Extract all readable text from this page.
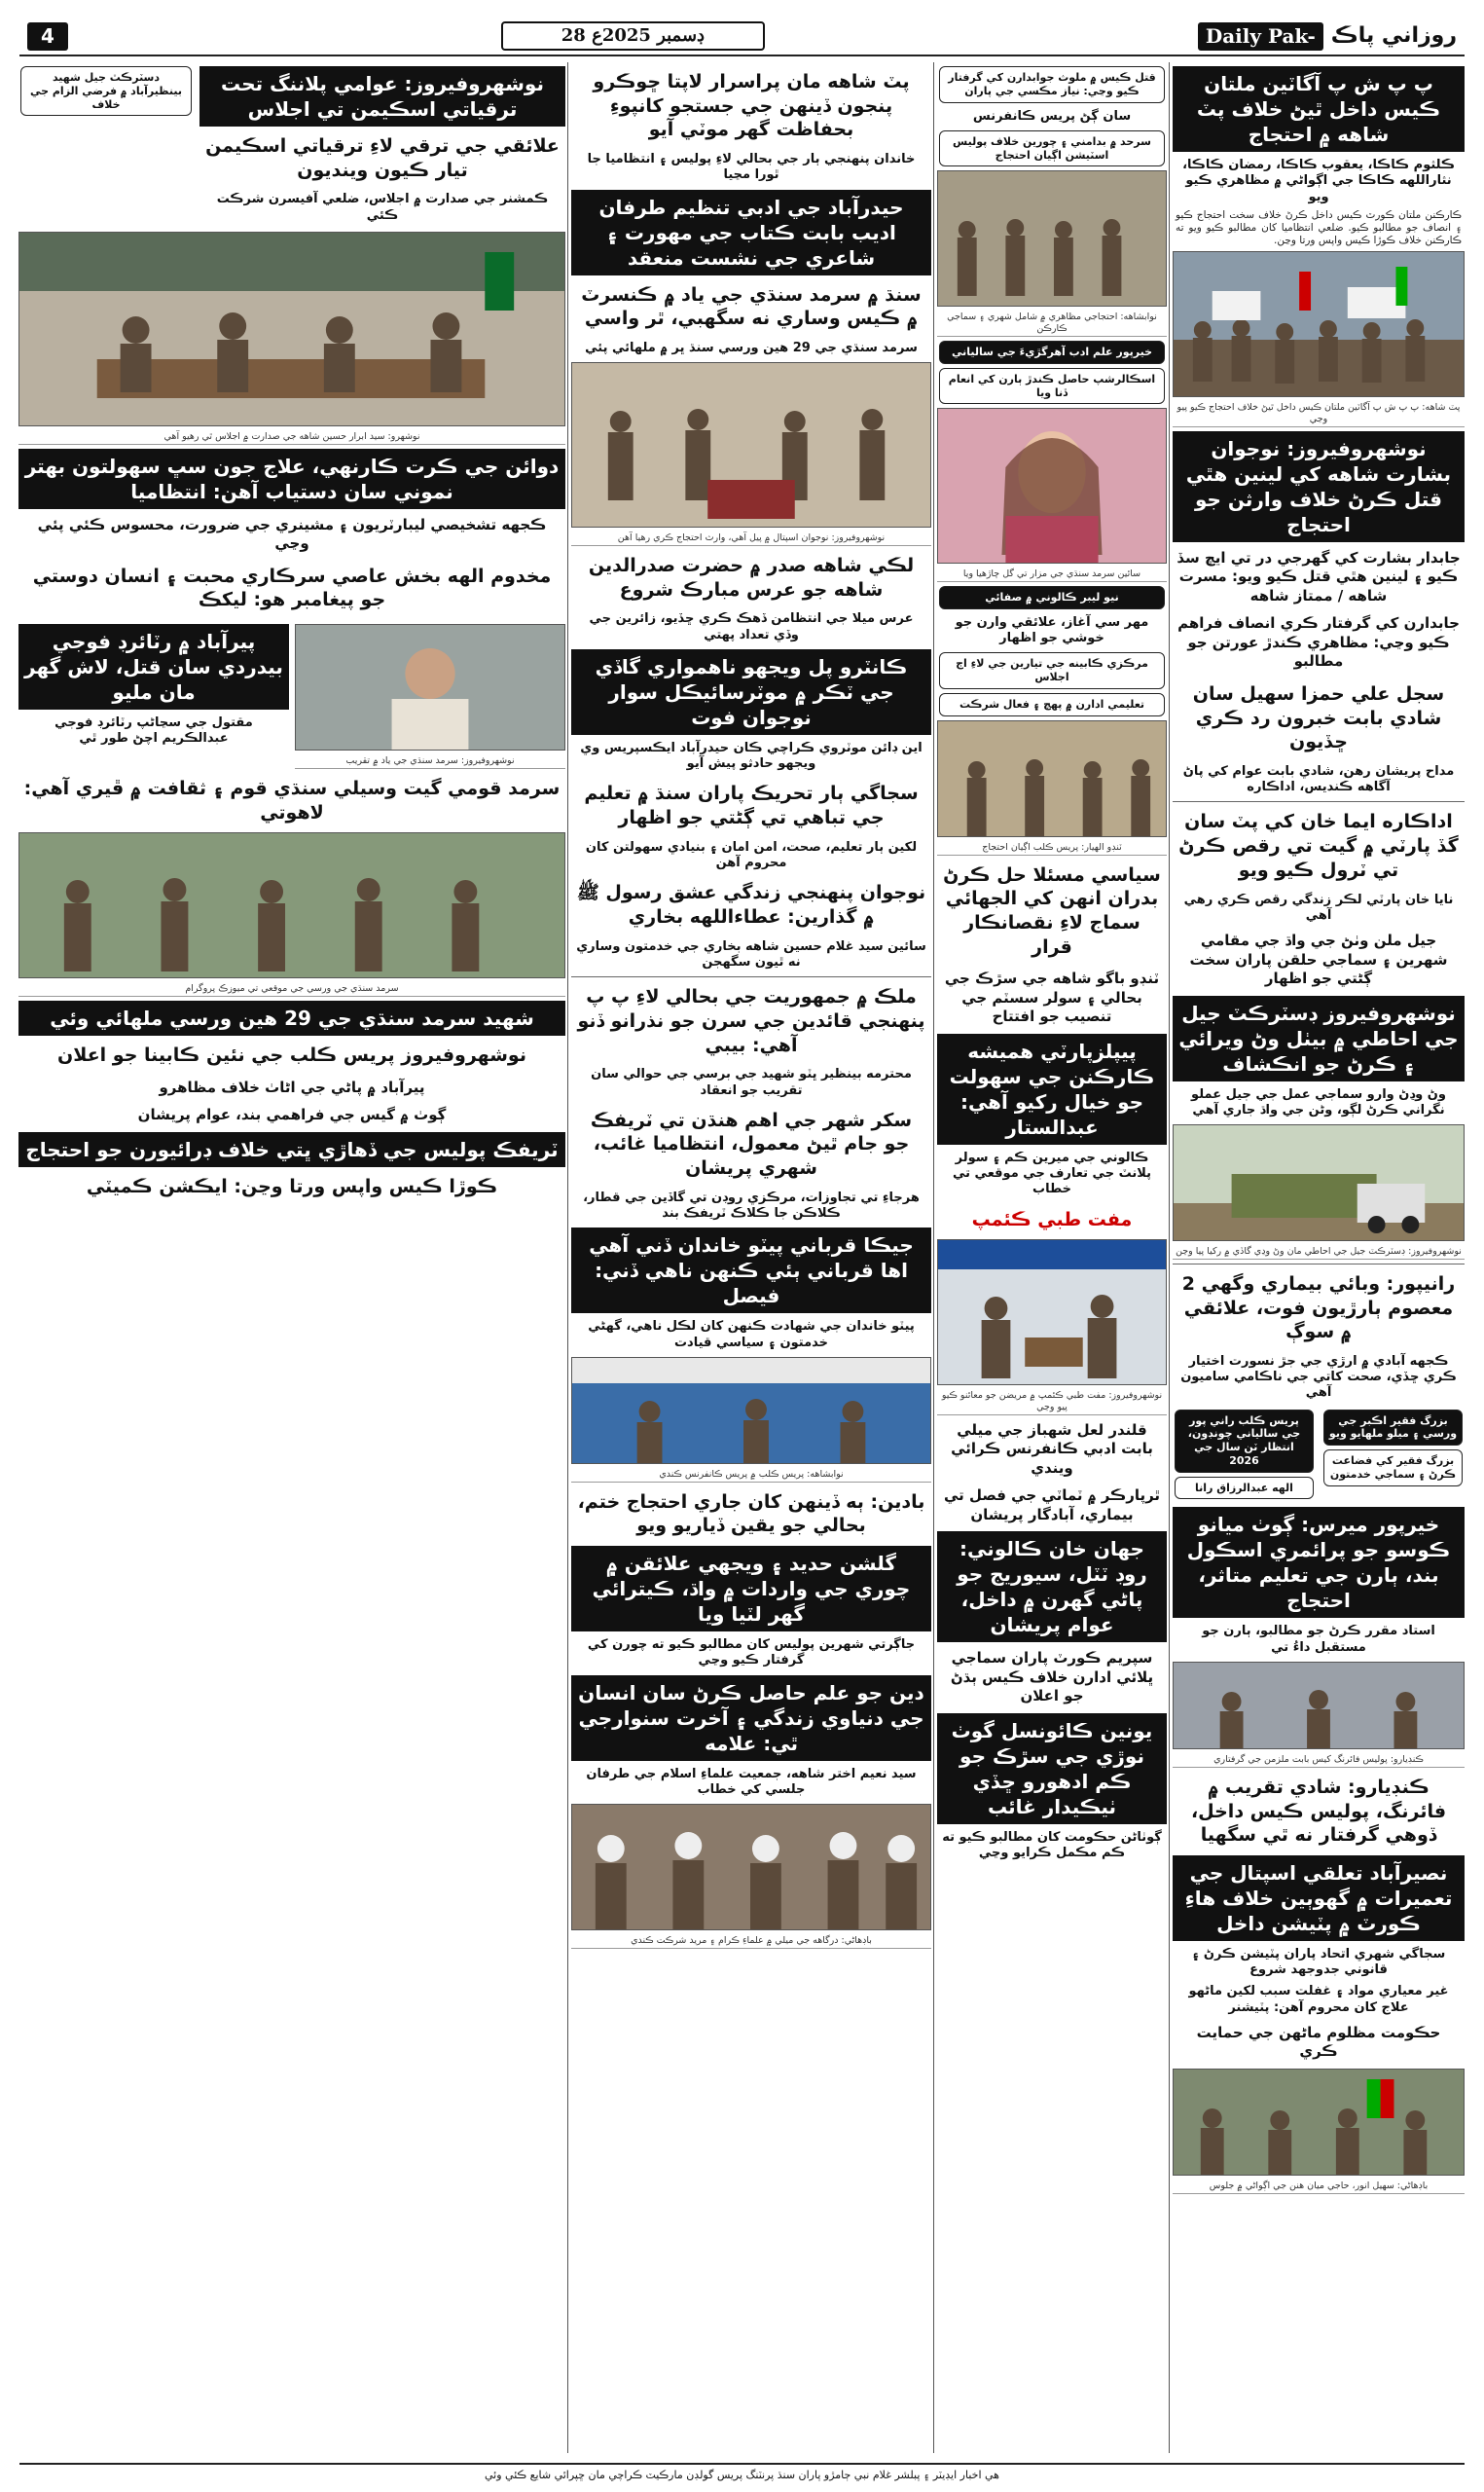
4	28 ڊسمبر 2025ع	Daily Pak- روزاني پاڪ
پ پ ش پ آگاٽين ملتان ڪيس داخل ٿيڻ خلاف پٽ شاهه ۾ احتجاج
ڪلثوم ڪاڪا، يعقوب ڪاڪا، رمضان ڪاڪا، نثاراللهه ڪاڪا جي اڳواڻي ۾ مظاهري ڪيو ويو

ڪارڪنن ملتان ڪورٽ ڪيس داخل ڪرڻ خلاف سخت احتجاج ڪيو ۽ انصاف جو مطالبو ڪيو. ضلعي انتظاميا کان مطالبو ڪيو ويو ته ڪارڪنن خلاف ڪوڙا ڪيس واپس ورتا وڃن.

پٽ شاهه: پ پ ش پ آگاٽين ملتان ڪيس داخل ٿيڻ خلاف احتجاج ڪيو پيو وڃي
نوشهروفيروز: نوجوان بشارت شاهه کي لينين هٿي قتل ڪرڻ خلاف وارثن جو احتجاج
جابدار بشارت کي گهرجي در تي ايچ سڏ ڪيو ۽ لينين هٿي قتل ڪيو ويو: مسرت شاهه / ممتاز شاهه
جابدارن کي گرفتار ڪري انصاف فراهم ڪيو وڃي: مظاهري ڪندڙ عورتن جو مطالبو
سجل علي حمزا سهيل سان شادي بابت خبرون رد ڪري ڇڏيون
مداح پريشان رهن، شادي بابت عوام کي پاڻ آگاهه ڪنديس، اداڪاره
اداڪاره ايما خان کي پٽ سان گڏ پارٽي ۾ گيت تي رقص ڪرڻ تي ٽرول ڪيو ويو
نايا خان پارٽي لڪر زندگي رقص ڪري رهي آهي
جيل ملن وٺڻ جي واڌ جي مقامي شهرين ۽ سماجي حلقن پاران سخت ڳڻتي جو اظهار
نوشهروفيروز ڊسٽرڪٽ جيل جي احاطي ۾ بيٺل وڻ ويرائي ۽ ڪرڻ جو انڪشاف
وڻ وڍڻ وارو سماجي عمل جي جيل عملو نگراني ڪرڻ لڳو، وڻن جي واڌ جاري آهي
نوشهروفيروز: ڊسٽرڪٽ جيل جي احاطي مان وڻ وڍي گاڏي ۾ رکيا پيا وڃن
رانيپور: وبائي بيماري وگهي 2 معصوم ٻارڙيون فوت، علائقي ۾ سوڳ
ڪجهه آبادي ۾ ارڙي جي جڙ نسورت اختيار ڪري ڇڏي، صحت کاتي جي ناڪامي ساميون آهي
بزرگ فقير اڪبر جي ورسي ۽ ميلو ملهايو ويو
بزرگ فقير کي فضاعت ڪرڻ ۽ سماجي خدمتون
پريس ڪلب راني پور جي سالياني چونڊون، انتظار ٽن سال جي 2026
الهه عبدالرزاق رانا
خيرپور ميرس: ڳوٺ ميانو ڪوسو جو پرائمري اسڪول بند، ٻارن جي تعليم متاثر، احتجاج
استاد مقرر ڪرڻ جو مطالبو، ٻارن جو مستقبل داءُ تي
ڪنڊيارو: پوليس فائرنگ کيس بابت ملزمن جي گرفتاري
ڪنڊيارو: شادي تقريب ۾ فائرنگ، پوليس ڪيس داخل، ڏوهي گرفتار نه ٿي سگهيا
نصيرآباد تعلقي اسپتال جي تعميرات ۾ گهوٻين خلاف هاءِ ڪورٽ ۾ پٽيشن داخل
سجاگي شهري اتحاد پاران پٽيشن ڪرڻ ۽ قانوني جدوجهد شروع
غير معياري مواد ۽ غفلت سبب لکين ماڻهو علاج کان محروم آهن: پٽيشنر
حڪومت مظلوم ماڻهن جي حمايت ڪري
باڊهاڻي: سهيل انور، حاجي ميان هنن جي اڳواڻي ۾ جلوس
قتل ڪيس ۾ ملوث جوابدارن کي گرفتار ڪيو وڃي: نياز مڪسي جي پاران
سان ڳڻ پريس ڪانفرنس
سرحد ۾ بدامني ۽ چورين خلاف پوليس اسٽيشن اڳيان احتجاج
نوابشاهه: احتجاجي مظاهري ۾ شامل شهري ۽ سماجي ڪارڪن
خيرپور علم ادب آهرگڙيءَ جي سالياني
اسڪالرشپ حاصل ڪندڙ ٻارن کي انعام ڏنا ويا
سائين سرمد سنڌي جي مزار تي گل چاڙهيا ويا
نيو ليبر ڪالوني ۾ صفائي
مهر سي آغاز، علائقي وارن جو خوشي جو اظهار
مرڪزي ڪابينه جي تيارين جي لاءِ اڄ اجلاس
تعليمي ادارن ۾ پهچ ۽ فعال شرڪت
ٽنڊو الهيار: پريس ڪلب اڳيان احتجاج
سياسي مسئلا حل ڪرڻ بدران انهن کي الجهائي سماج لاءِ نقصانڪار قرار
ٽنڊو باگو شاهه جي سڙڪ جي بحالي ۽ سولر سسٽم جي تنصيب جو افتتاح
پيپلزپارٽي هميشه ڪارڪنن جي سهولت جو خيال رکيو آهي: عبدالستار
ڪالوني جي ميرين ڪم ۽ سولر پلانٽ جي تعارف جي موقعي تي خطاب
مفت طبي ڪئمپ
نوشهروفيروز: مفت طبي ڪئمپ ۾ مريضن جو معائنو ڪيو پيو وڃي
قلندر لعل شهباز جي ميلي بابت ادبي ڪانفرنس ڪرائي ويندي
ٿرپارڪر ۾ ٽماٽي جي فصل تي بيماري، آبادگار پريشان
جهان خان ڪالوني: روڊ ٽٽل، سيوريج جو پاڻي گهرن ۾ داخل، عوام پريشان
سپريم ڪورٽ پاران سماجي ڀلائي ادارن خلاف ڪيس ٻڌڻ جو اعلان
يونين ڪائونسل گوٺ نوڙي جي سڙڪ جو ڪم ادهورو ڇڏي ٺيڪيدار غائب
ڳوٺاڻن حڪومت کان مطالبو ڪيو ته ڪم مڪمل ڪرايو وڃي
پٽ شاهه مان پراسرار لاپتا ڇوڪرو پنجون ڏينهن جي جستجو کانپوءِ بحفاظت گهر موٽي آيو
خاندان پنهنجي ٻار جي بحالي لاءِ پوليس ۽ انتظاميا جا ٿورا مڃيا
حيدرآباد جي ادبي تنظيم طرفان اديب بابت ڪتاب جي مهورت ۽ شاعري جي نشست منعقد
سنڌ ۾ سرمد سنڌي جي ياد ۾ ڪنسرٽ ۾ ڪيس وساري نه سگهبي، ٿر واسي
سرمد سنڌي جي 29 هين ورسي سنڌ ڀر ۾ ملهائي پئي
نوشهروفيروز: نوجوان اسپتال ۾ پيل آهي، وارث احتجاج ڪري رهيا آهن
لڪي شاهه صدر ۾ حضرت صدرالدين شاهه جو عرس مبارڪ شروع
عرس ميلا جي انتظامن ڏهڪ ڪري ڇڏيو، زائرين جي وڏي تعداد پهتي
ڪانٽرو پل ويجهو ناهمواري گاڏي جي ٽڪر ۾ موٽرسائيڪل سوار نوجوان فوت
اين ڊائن موٽروي ڪراچي ڪان حيدرآباد ايڪسپريس وي ويجهو حادثو پيش آيو
سجاگي ٻار تحريڪ پاران سنڌ ۾ تعليم جي تباهي تي ڳڻتي جو اظهار
لکين ٻار تعليم، صحت، امن امان ۽ بنيادي سهولتن کان محروم آهن
نوجوان پنهنجي زندگي عشق رسول ﷺ ۾ گذارين: عطاءاللهه بخاري
سائين سيد غلام حسين شاهه بخاري جي خدمتون وساري نه ٿيون سگهجن
ملڪ ۾ جمهوريت جي بحالي لاءِ پ پ پنهنجي قائدين جي سرن جو نذرانو ڏنو آهي: بيبي
محترمه بينظير ڀٽو شهيد جي برسي جي حوالي سان تقريب جو انعقاد
سکر شهر جي اهم هنڌن تي ٽريفڪ جو جام ٿيڻ معمول، انتظاميا غائب، شهري پريشان
هرجاءِ تي تجاوزات، مرڪزي روڊن تي گاڏين جي قطار، ڪلاڪن جا ڪلاڪ ٽريفڪ بند
جيڪا قرباني پيٽو خاندان ڏني آهي اها قرباني ٻئي ڪنهن ناهي ڏني: فيصل
پيٽو خاندان جي شهادت ڪنهن کان لڪل ناهي، گهڻي خدمتون ۽ سياسي قيادت
نوابشاهه: پريس ڪلب ۾ پريس ڪانفرنس ڪندي
بادين: ٻه ڏينهن کان جاري احتجاج ختم، بحالي جو يقين ڏياريو ويو
گلشن حديد ۽ ويجهي علائقن ۾ چوري جي واردات ۾ واڌ، ڪيترائي گهر لٽيا ويا
جاڳرتي شهرين پوليس کان مطالبو ڪيو ته چورن کي گرفتار ڪيو وڃي
دين جو علم حاصل ڪرڻ سان انسان جي دنياوي زندگي ۽ آخرت سنوارجي ٿي: علامه
سيد نعيم اختر شاهه، جمعيت علماءِ اسلام جي طرفان جلسي کي خطاب
باڊهاڻي: درگاهه جي ميلي ۾ علماءِ ڪرام ۽ مريد شرڪت ڪندي
نوشهروفيروز: عوامي پلاننگ تحت ترقياتي اسڪيمن تي اجلاس
علائقي جي ترقي لاءِ ترقياتي اسڪيمن تيار ڪيون وينديون
ڪمشنر جي صدارت ۾ اجلاس، ضلعي آفيسرن شرڪت ڪئي
دسٽرڪٽ جيل شهيد بينظيرآباد ۾ فرضي الزام جي خلاف
نوشهرو: سيد ابرار حسين شاهه جي صدارت ۾ اجلاس ٿي رهيو آهي
دوائن جي ڪرت ڪارنهي، علاج جون سڀ سهولتون بهتر نموني سان دستياب آهن: انتظاميا
ڪجهه تشخيصي ليبارٽريون ۽ مشينري جي ضرورت، محسوس ڪئي پئي وڃي
مخدوم الهه بخش عاصي سرڪاري محبت ۽ انسان دوستي جو پيغامبر هو: ليکڪ
نوشهروفيروز: سرمد سنڌي جي ياد ۾ تقريب
پيرآباد ۾ رٽائرڊ فوجي بيدردي سان قتل، لاش گهر مان مليو
مقتول جي سڃاڻپ رٽائرڊ فوجي عبدالڪريم اچڻ طور ٿي
سرمد قومي گيت وسيلي سنڌي قوم ۽ ثقافت ۾ ڦيري آهي: لاهوتي
سرمد سنڌي جي ورسي جي موقعي تي ميوزڪ پروگرام
شهيد سرمد سنڌي جي 29 هين ورسي ملهائي وئي
نوشهروفيروز پريس ڪلب جي نئين ڪابينا جو اعلان
پيرآباد ۾ پاڻي جي اڻاٺ خلاف مظاهرو
ڳوٺ ۾ گيس جي فراهمي بند، عوام پريشان
ٽريفڪ پوليس جي ڏهاڙي ڀتي خلاف ڊرائيورن جو احتجاج
ڪوڙا ڪيس واپس ورتا وڃن: ايڪشن ڪميٽي
هي اخبار ايڊيٽر ۽ پبلشر غلام نبي ڄامڙو پاران سنڌ پرنٽنگ پريس گولڊن مارڪيٽ ڪراچي مان ڇپرائي شايع ڪئي وئي
